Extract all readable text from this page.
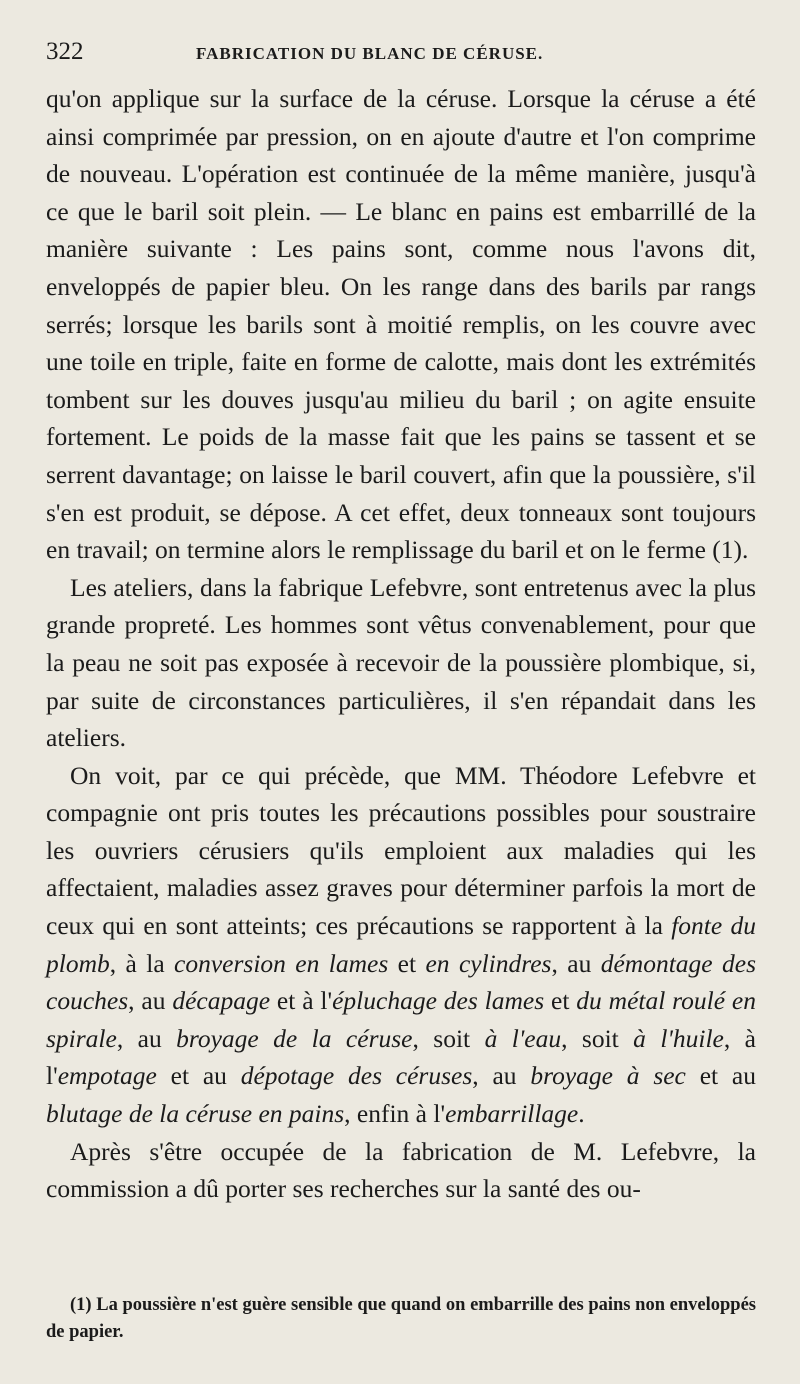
322	FABRICATION DU BLANC DE CÉRUSE.

qu'on applique sur la surface de la céruse. Lorsque la céruse a été ainsi comprimée par pression, on en ajoute d'autre et l'on comprime de nouveau. L'opération est continuée de la même manière, jusqu'à ce que le baril soit plein. — Le blanc en pains est embarrillé de la manière suivante : Les pains sont, comme nous l'avons dit, enveloppés de papier bleu. On les range dans des barils par rangs serrés; lorsque les barils sont à moitié remplis, on les couvre avec une toile en triple, faite en forme de calotte, mais dont les extrémités tombent sur les douves jusqu'au milieu du baril ; on agite ensuite fortement. Le poids de la masse fait que les pains se tassent et se serrent davantage; on laisse le baril couvert, afin que la poussière, s'il s'en est produit, se dépose. A cet effet, deux tonneaux sont toujours en travail; on termine alors le remplissage du baril et on le ferme (1).

Les ateliers, dans la fabrique Lefebvre, sont entretenus avec la plus grande propreté. Les hommes sont vêtus convenablement, pour que la peau ne soit pas exposée à recevoir de la poussière plombique, si, par suite de circonstances particulières, il s'en répandait dans les ateliers.

On voit, par ce qui précède, que MM. Théodore Lefebvre et compagnie ont pris toutes les précautions possibles pour soustraire les ouvriers cérusiers qu'ils emploient aux maladies qui les affectaient, maladies assez graves pour déterminer parfois la mort de ceux qui en sont atteints; ces précautions se rapportent à la fonte du plomb, à la conversion en lames et en cylindres, au démontage des couches, au décapage et à l'épluchage des lames et du métal roulé en spirale, au broyage de la céruse, soit à l'eau, soit à l'huile, à l'empotage et au dépotage des céruses, au broyage à sec et au blutage de la céruse en pains, enfin à l'embarrillage.

Après s'être occupée de la fabrication de M. Lefebvre, la commission a dû porter ses recherches sur la santé des ou-

(1) La poussière n'est guère sensible que quand on embarrille des pains non enveloppés de papier.
